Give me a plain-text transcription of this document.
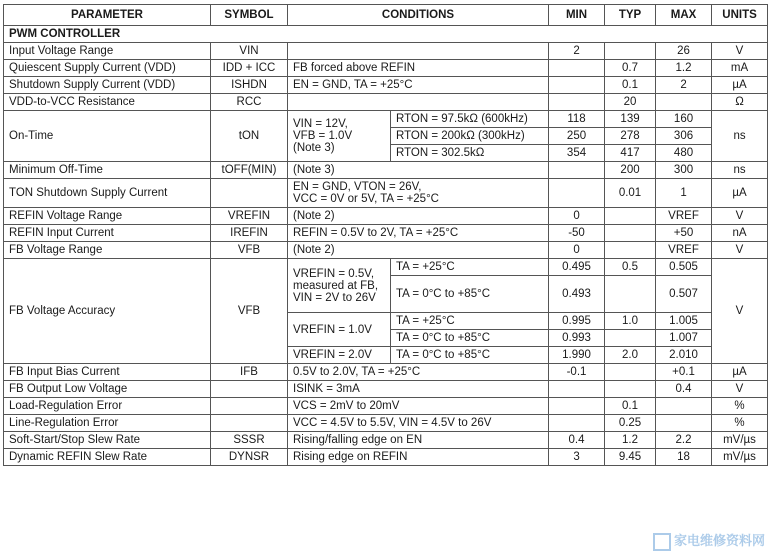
PARAMETER	SYMBOL	CONDITIONS		MIN	TYP	MAX	UNITS
PWM CONTROLLER							
Input Voltage Range	VIN			2		26	V
Quiescent Supply Current (VDD)	IDD + ICC	FB forced above REFIN			0.7	1.2	mA
Shutdown Supply Current (VDD)	ISHDN	EN = GND, TA = +25°C			0.1	2	µA
VDD-to-VCC Resistance	RCC				20		Ω
On-Time	tON	VIN = 12V,
VFB = 1.0V
(Note 3)	RTON = 97.5kΩ (600kHz)	118	139	160	ns
			RTON = 200kΩ (300kHz)	250	278	306	
			RTON = 302.5kΩ	354	417	480	
Minimum Off-Time	tOFF(MIN)	(Note 3)			200	300	ns
TON Shutdown Supply Current		EN = GND, VTON = 26V,
VCC = 0V or 5V, TA = +25°C			0.01	1	µA
REFIN Voltage Range	VREFIN	(Note 2)		0		VREF	V
REFIN Input Current	IREFIN	REFIN = 0.5V to 2V, TA = +25°C		-50		+50	nA
FB Voltage Range	VFB	(Note 2)		0		VREF	V
FB Voltage Accuracy	VFB	VREFIN = 0.5V,
measured at FB,
VIN = 2V to 26V	TA = +25°C	0.495	0.5	0.505	V
			TA = 0°C to +85°C	0.493		0.507	
		VREFIN = 1.0V	TA = +25°C	0.995	1.0	1.005	
			TA = 0°C to +85°C	0.993		1.007	
		VREFIN = 2.0V	TA = 0°C to +85°C	1.990	2.0	2.010	
FB Input Bias Current	IFB	0.5V to 2.0V, TA = +25°C		-0.1		+0.1	µA
FB Output Low Voltage		ISINK = 3mA				0.4	V
Load-Regulation Error		VCS = 2mV to 20mV			0.1		%
Line-Regulation Error		VCC = 4.5V to 5.5V, VIN = 4.5V to 26V			0.25		%
Soft-Start/Stop Slew Rate	SSSR	Rising/falling edge on EN		0.4	1.2	2.2	mV/µs
Dynamic REFIN Slew Rate	DYNSR	Rising edge on REFIN		3	9.45	18	mV/µs
家电维修资料网
